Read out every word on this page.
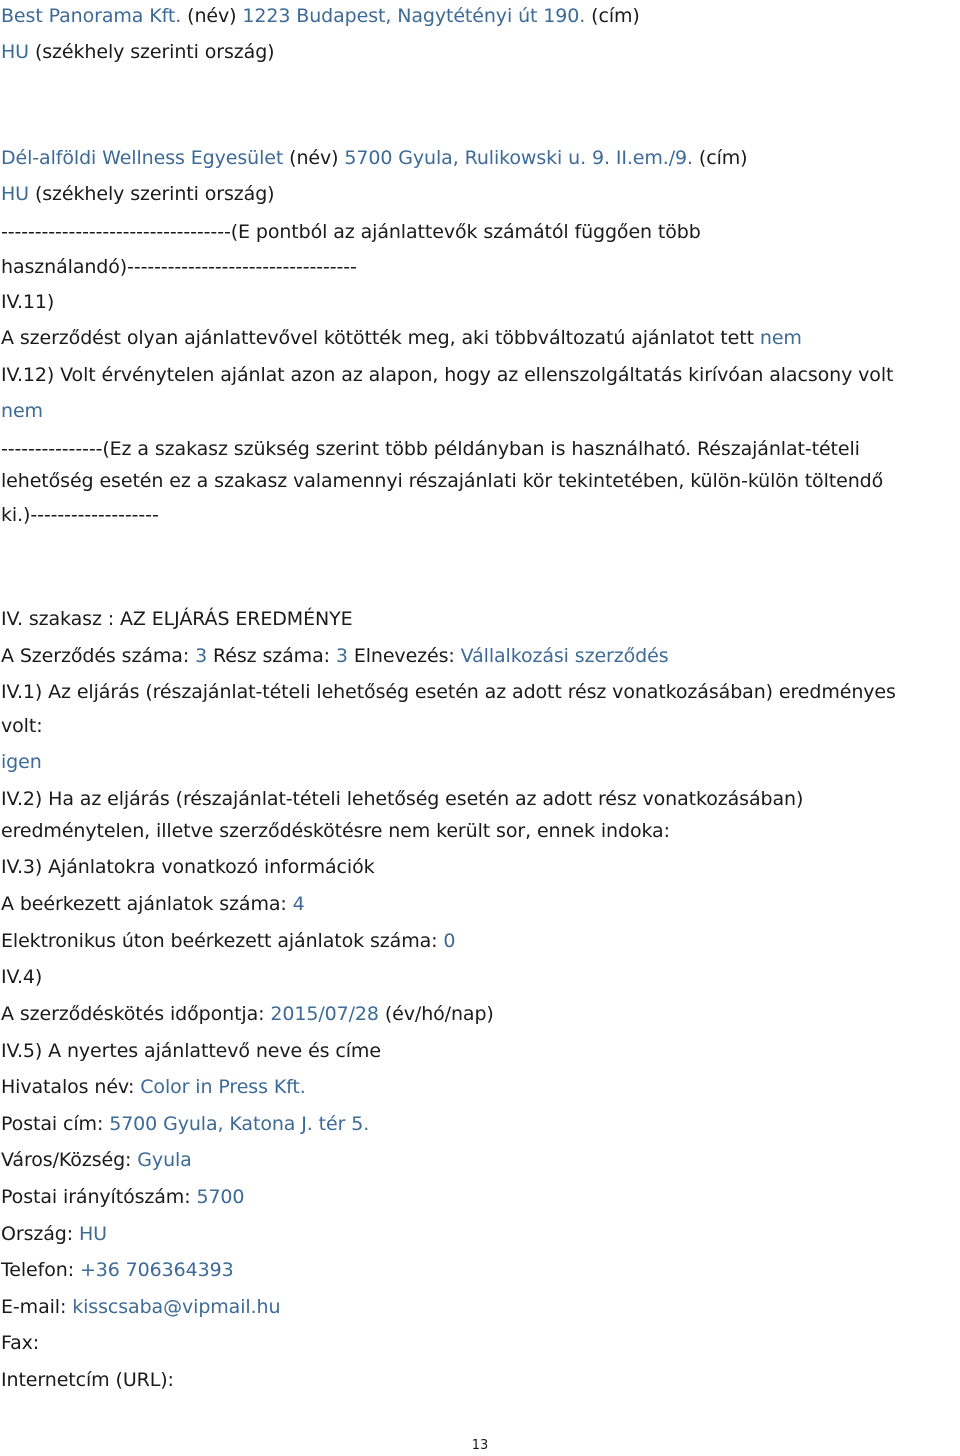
Best Panorama Kft. (név) 1223 Budapest, Nagytétényi út 190. (cím)
HU (székhely szerinti ország)
Dél-alföldi Wellness Egyesület (név) 5700 Gyula, Rulikowski u. 9. II.em./9. (cím)
HU (székhely szerinti ország)
----------------------------------(E pontból az ajánlattevők számától függően több
használandó)----------------------------------
IV.11)
A szerződést olyan ajánlattevővel kötötték meg, aki többváltozatú ajánlatot tett nem
IV.12) Volt érvénytelen ajánlat azon az alapon, hogy az ellenszolgáltatás kirívóan alacsony volt
nem
---------------(Ez a szakasz szükség szerint több példányban is használható. Részajánlat-tételi
lehetőség esetén ez a szakasz valamennyi részajánlati kör tekintetében, külön-külön töltendő
ki.)-------------------
IV. szakasz : AZ ELJÁRÁS EREDMÉNYE
A Szerződés száma: 3 Rész száma: 3 Elnevezés: Vállalkozási szerződés
IV.1) Az eljárás (részajánlat-tételi lehetőség esetén az adott rész vonatkozásában) eredményes
volt:
igen
IV.2) Ha az eljárás (részajánlat-tételi lehetőség esetén az adott rész vonatkozásában)
eredménytelen, illetve szerződéskötésre nem került sor, ennek indoka:
IV.3) Ajánlatokra vonatkozó információk
A beérkezett ajánlatok száma: 4
Elektronikus úton beérkezett ajánlatok száma: 0
IV.4)
A szerződéskötés időpontja: 2015/07/28 (év/hó/nap)
IV.5) A nyertes ajánlattevő neve és címe
Hivatalos név: Color in Press Kft.
Postai cím: 5700 Gyula, Katona J. tér 5.
Város/Község: Gyula
Postai irányítószám: 5700
Ország: HU
Telefon: +36 706364393
E-mail: kisscsaba@vipmail.hu
Fax:
Internetcím (URL):
13
